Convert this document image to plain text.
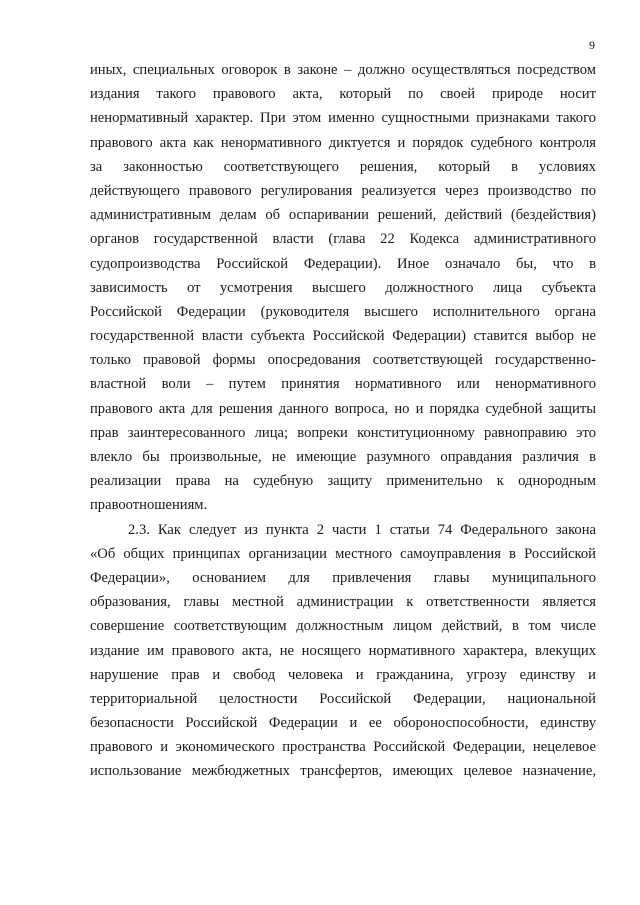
9
иных, специальных оговорок в законе – должно осуществляться посредством
издания такого правового акта, который по своей природе носит
ненормативный характер. При этом именно сущностными признаками такого
правового акта как ненормативного диктуется и порядок судебного контроля
за законностью соответствующего решения, который в условиях
действующего правового регулирования реализуется через производство по
административным делам об оспаривании решений, действий (бездействия)
органов государственной власти (глава 22 Кодекса административного
судопроизводства Российской Федерации). Иное означало бы, что в
зависимость от усмотрения высшего должностного лица субъекта
Российской Федерации (руководителя высшего исполнительного органа
государственной власти субъекта Российской Федерации) ставится выбор не
только правовой формы опосредования соответствующей государственно-
властной воли – путем принятия нормативного или ненормативного
правового акта для решения данного вопроса, но и порядка судебной защиты
прав заинтересованного лица; вопреки конституционному равноправию это
влекло бы произвольные, не имеющие разумного оправдания различия в
реализации права на судебную защиту применительно к однородным
правоотношениям.
2.3. Как следует из пункта 2 части 1 статьи 74 Федерального закона
«Об общих принципах организации местного самоуправления в Российской
Федерации», основанием для привлечения главы муниципального
образования, главы местной администрации к ответственности является
совершение соответствующим должностным лицом действий, в том числе
издание им правового акта, не носящего нормативного характера, влекущих
нарушение прав и свобод человека и гражданина, угрозу единству и
территориальной целостности Российской Федерации, национальной
безопасности Российской Федерации и ее обороноспособности, единству
правового и экономического пространства Российской Федерации, нецелевое
использование межбюджетных трансфертов, имеющих целевое назначение,
